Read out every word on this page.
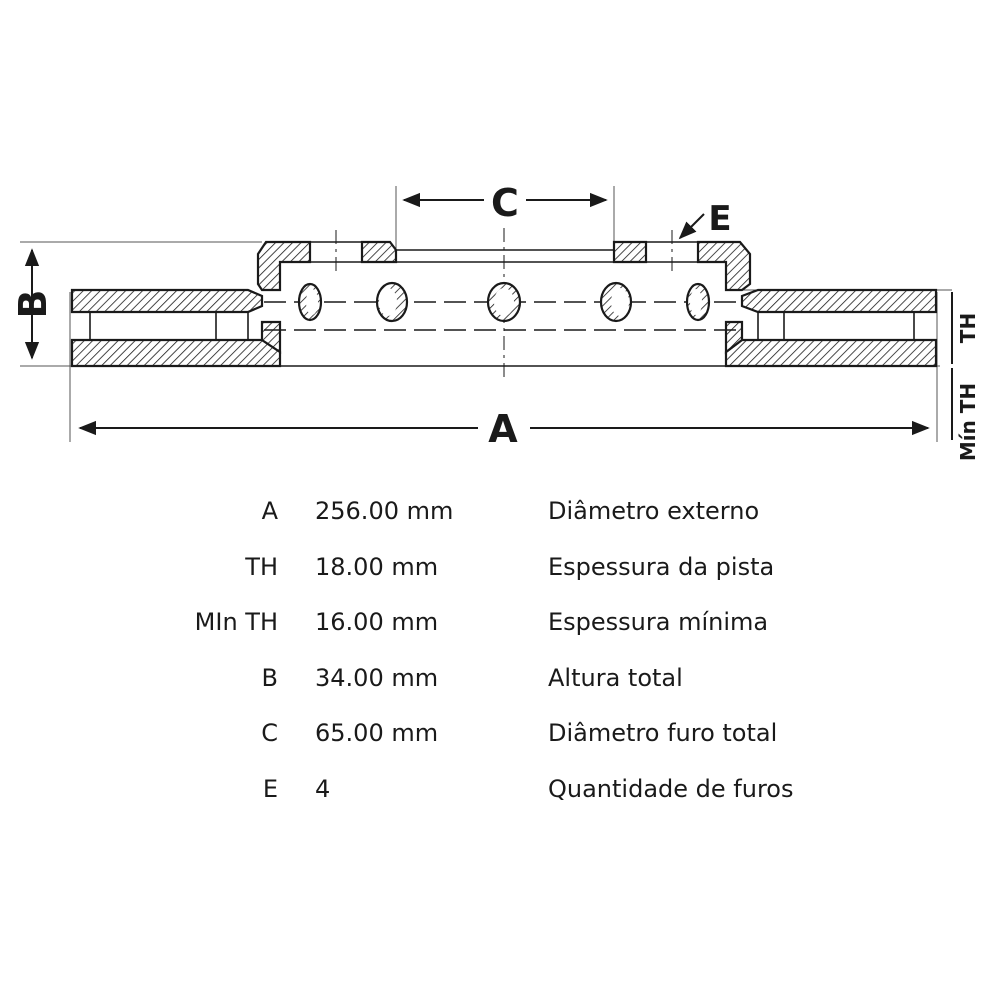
A
B
C	E
TH
Mín TH
A 256.00 mm	Diâmetro externo
TH 18.00 mm	Espessura da pista
MIn TH 16.00 mm	Espessura mínima
B 34.00 mm	Altura total
C 65.00 mm	Diâmetro furo total
E 4	Quantidade de furos
